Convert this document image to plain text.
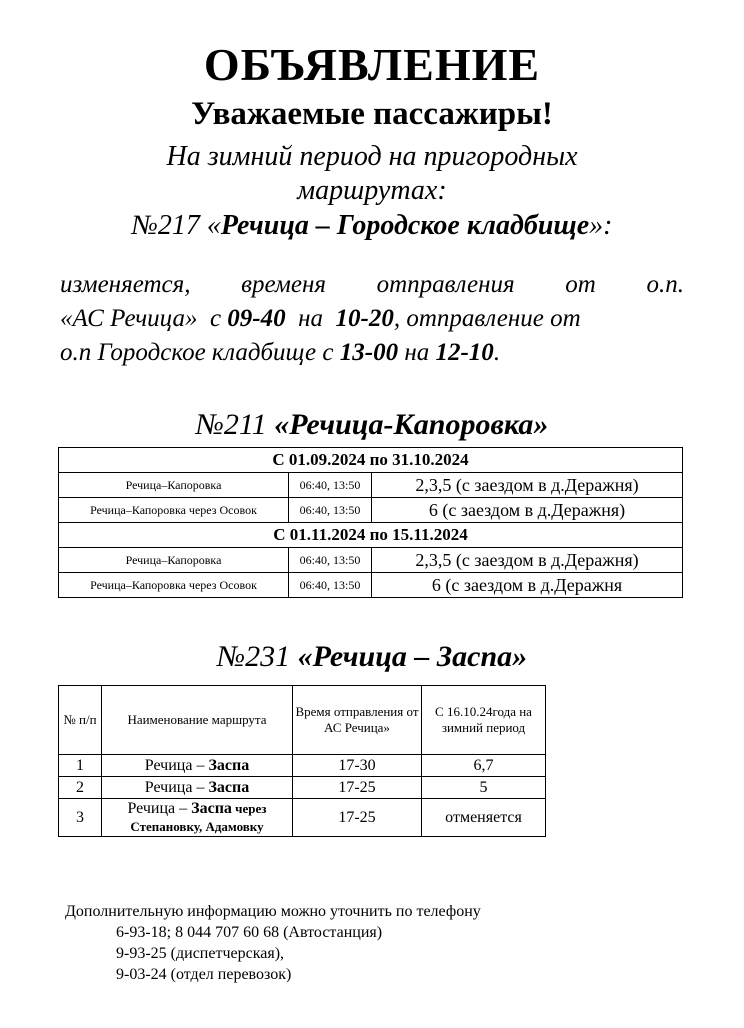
ОБЪЯВЛЕНИЕ
Уважаемые пассажиры!
На зимний период на пригородных
маршрутах:
№217 «Речица – Городское кладбище»:
изменяется, временя отправления от о.п.
«АС Речица»  с 09-40  на  10-20, отправление от
о.п Городское кладбище с 13-00 на 12-10.
№211 «Речица-Капоровка»
С 01.09.2024 по 31.10.2024		
Речица–Капоровка	06:40, 13:50	2,3,5 (с заездом в д.Деражня)
Речица–Капоровка через Осовок	06:40, 13:50	6 (с заездом в д.Деражня)
С 01.11.2024 по 15.11.2024		
Речица–Капоровка	06:40, 13:50	2,3,5 (с заездом в д.Деражня)
Речица–Капоровка через Осовок	06:40, 13:50	6 (с заездом в д.Деражня
№231 «Речица – Заспа»
№ п/п	Наименование маршрута	Время отправления от АС Речица»	С 16.10.24года на зимний период
1	Речица – Заспа	17-30	6,7
2	Речица – Заспа	17-25	5
3	Речица – Заспа через Степановку, Адамовку	17-25	отменяется
Дополнительную информацию можно уточнить по телефону
6-93-18; 8 044 707 60 68 (Автостанция)
9-93-25 (диспетчерская),
9-03-24 (отдел перевозок)
